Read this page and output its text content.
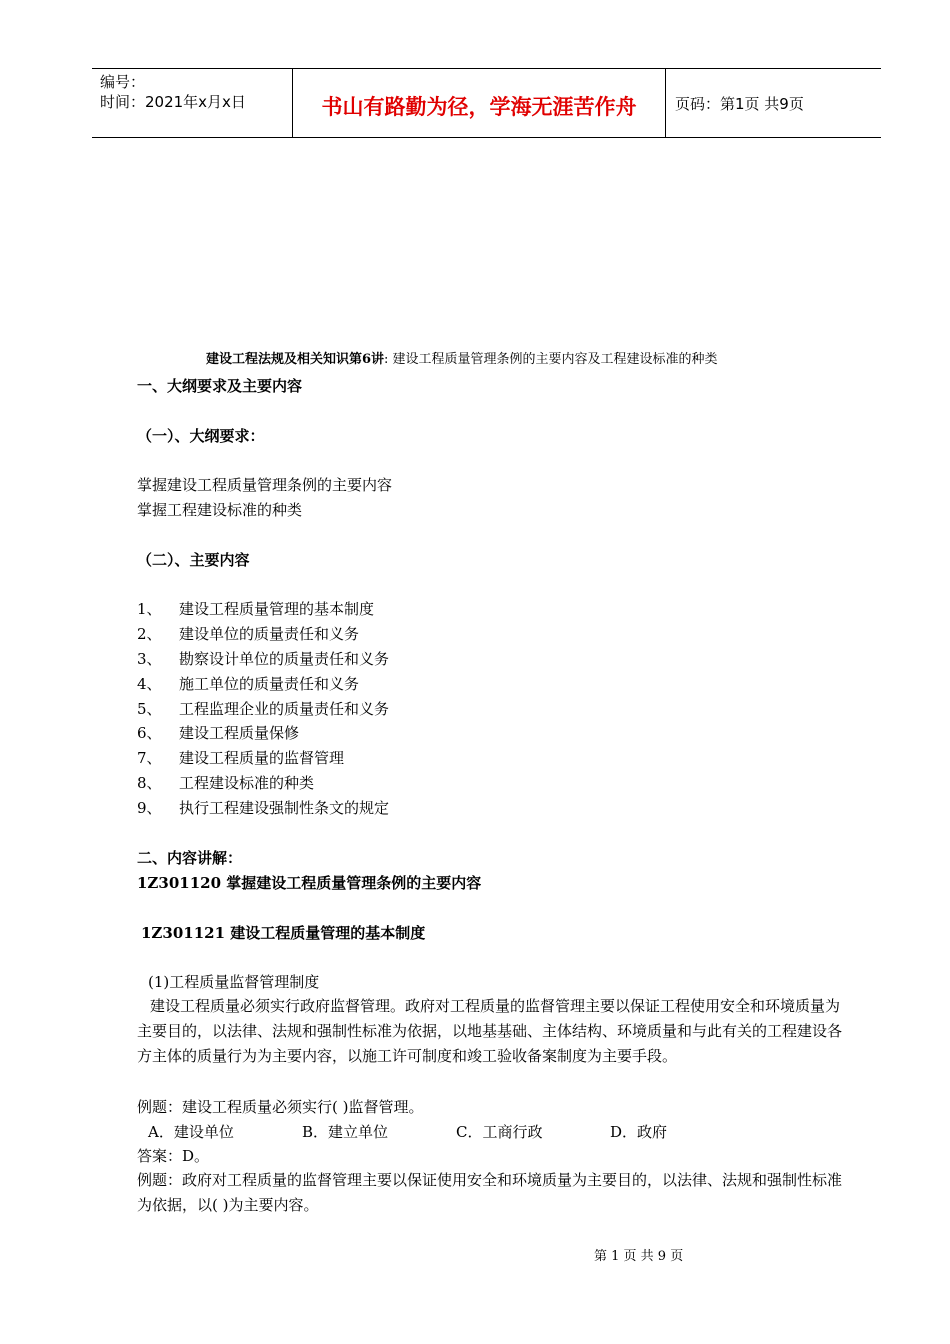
编号：
时间：2021年x月x日	书山有路勤为径，学海无涯苦作舟	页码：第1页 共9页
建设工程法规及相关知识第6讲: 建设工程质量管理条例的主要内容及工程建设标准的种类
一、大纲要求及主要内容
（一）、大纲要求：
掌握建设工程质量管理条例的主要内容
掌握工程建设标准的种类
（二）、主要内容
1、 建设工程质量管理的基本制度
2、 建设单位的质量责任和义务
3、 勘察设计单位的质量责任和义务
4、 施工单位的质量责任和义务
5、 工程监理企业的质量责任和义务
6、 建设工程质量保修
7、 建设工程质量的监督管理
8、 工程建设标准的种类
9、 执行工程建设强制性条文的规定
二、内容讲解：
1Z301120 掌握建设工程质量管理条例的主要内容
1Z301121 建设工程质量管理的基本制度
(1)工程质量监督管理制度
建设工程质量必须实行政府监督管理。政府对工程质量的监督管理主要以保证工程使用安全和环境质量为主要目的，以法律、法规和强制性标准为依据，以地基基础、主体结构、环境质量和与此有关的工程建设各方主体的质量行为为主要内容，以施工许可制度和竣工验收备案制度为主要手段。
例题：建设工程质量必须实行( )监督管理。
A．建设单位	B．建立单位	C．工商行政	D．政府
答案：D。
例题：政府对工程质量的监督管理主要以保证使用安全和环境质量为主要目的，以法律、法规和强制性标准为依据，以( )为主要内容。
第 1 页 共 9 页
